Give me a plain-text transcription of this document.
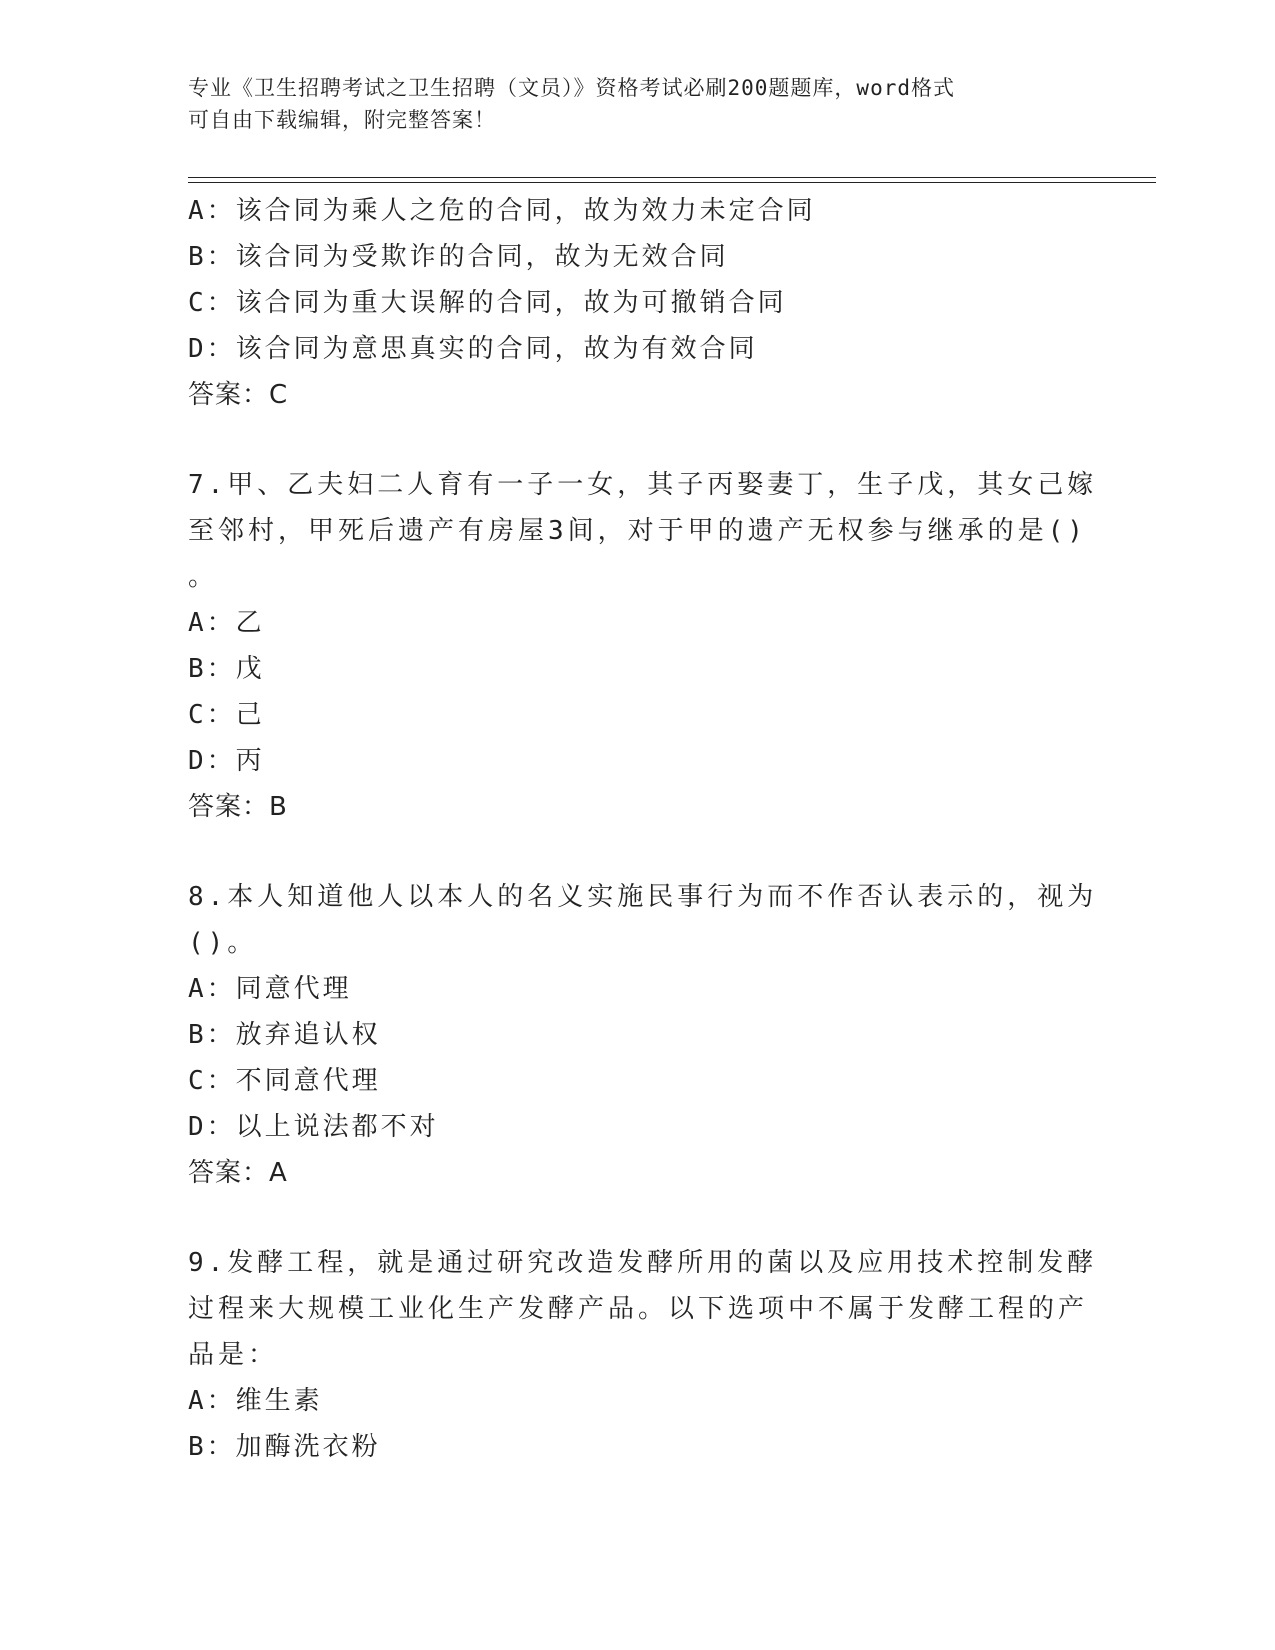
专业《卫生招聘考试之卫生招聘（文员）》资格考试必刷200题题库，word格式
可自由下载编辑，附完整答案！
A：该合同为乘人之危的合同，故为效力未定合同
B：该合同为受欺诈的合同，故为无效合同
C：该合同为重大误解的合同，故为可撤销合同
D：该合同为意思真实的合同，故为有效合同
答案：C
7.甲、乙夫妇二人育有一子一女，其子丙娶妻丁，生子戊，其女己嫁
至邻村，甲死后遗产有房屋3间，对于甲的遗产无权参与继承的是()
。
A：乙
B：戊
C：己
D：丙
答案：B
8.本人知道他人以本人的名义实施民事行为而不作否认表示的，视为
()。
A：同意代理
B：放弃追认权
C：不同意代理
D：以上说法都不对
答案：A
9.发酵工程，就是通过研究改造发酵所用的菌以及应用技术控制发酵
过程来大规模工业化生产发酵产品。以下选项中不属于发酵工程的产
品是：
A：维生素
B：加酶洗衣粉
